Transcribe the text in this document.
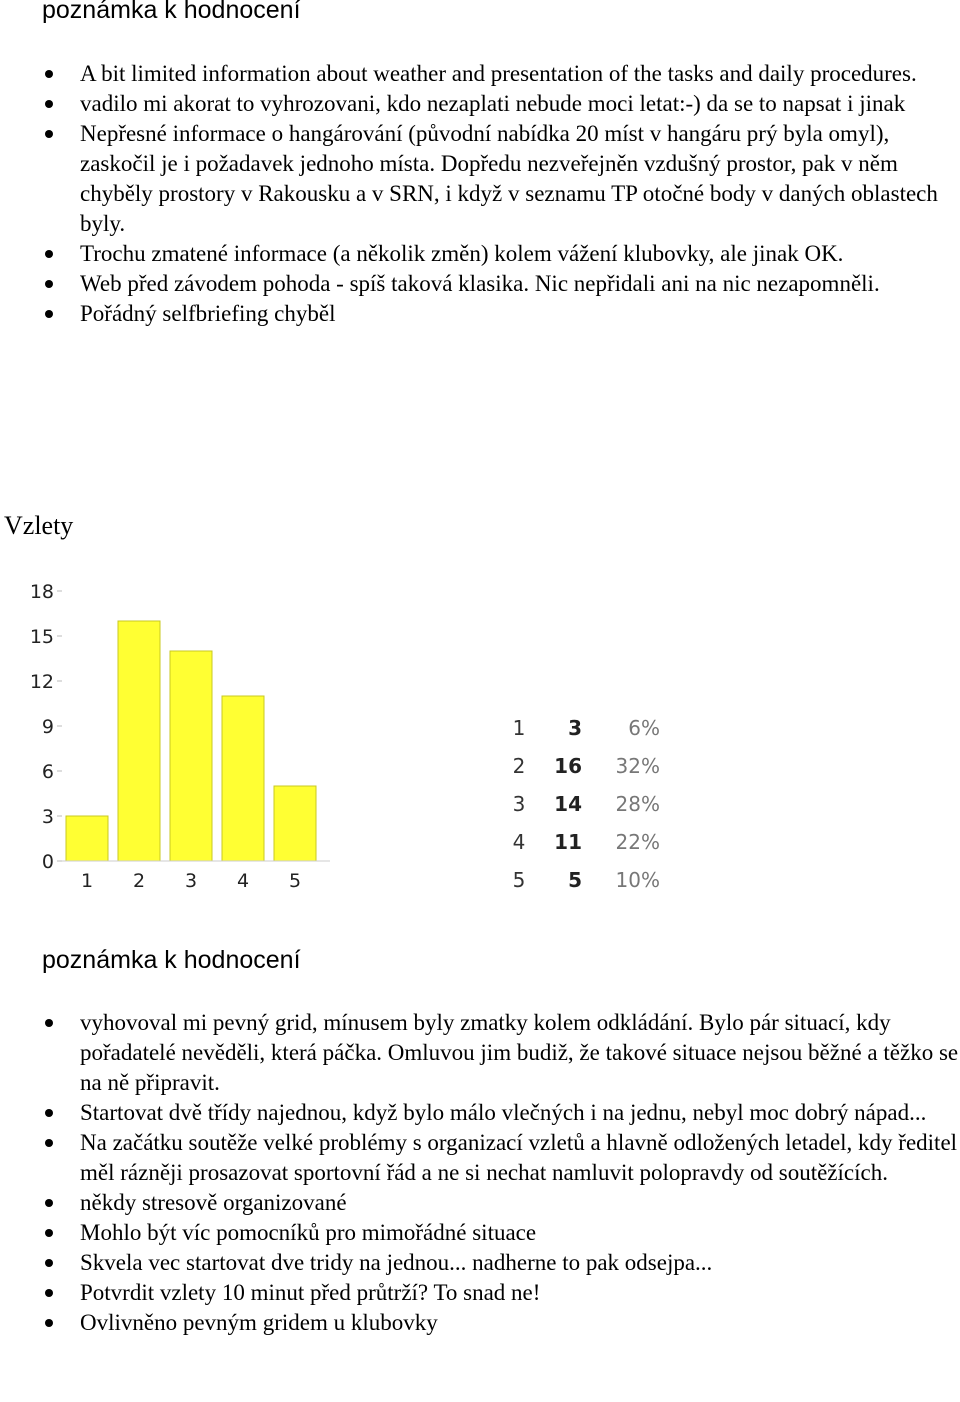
poznámka k hodnocení
A bit limited information about weather and presentation of the tasks and daily procedures.
vadilo mi akorat to vyhrozovani, kdo nezaplati nebude moci letat:-) da se to napsat i jinak
Nepřesné informace o hangárování (původní nabídka 20 míst v hangáru prý byla omyl), zaskočil je i požadavek jednoho místa. Dopředu nezveřejněn vzdušný prostor, pak v něm chyběly prostory v Rakousku a v SRN, i když v seznamu TP otočné body v daných oblastech byly.
Trochu zmatené informace (a několik změn) kolem vážení klubovky, ale jinak OK.
Web před závodem pohoda - spíš taková klasika. Nic nepřidali ani na nic nezapomněli.
Pořádný selfbriefing chyběl
Vzlety
0
3
6
9
12
15
18
1 2 3 4 5
1 3 6%
2 16 32%
3 14 28%
4 11 22%
5 5 10%
poznámka k hodnocení
vyhovoval mi pevný grid, mínusem byly zmatky kolem odkládání. Bylo pár situací, kdy pořadatelé nevěděli, která páčka. Omluvou jim budiž, že takové situace nejsou běžné a těžko se na ně připravit.
Startovat dvě třídy najednou, když bylo málo vlečných i na jednu, nebyl moc dobrý nápad...
Na začátku soutěže velké problémy s organizací vzletů a hlavně odložených letadel, kdy ředitel měl rázněji prosazovat sportovní řád a ne si nechat namluvit polopravdy od soutěžících.
někdy stresově organizované
Mohlo být víc pomocníků pro mimořádné situace
Skvela vec startovat dve tridy na jednou... nadherne to pak odsejpa...
Potvrdit vzlety 10 minut před průtrží? To snad ne!
Ovlivněno pevným gridem u klubovky
